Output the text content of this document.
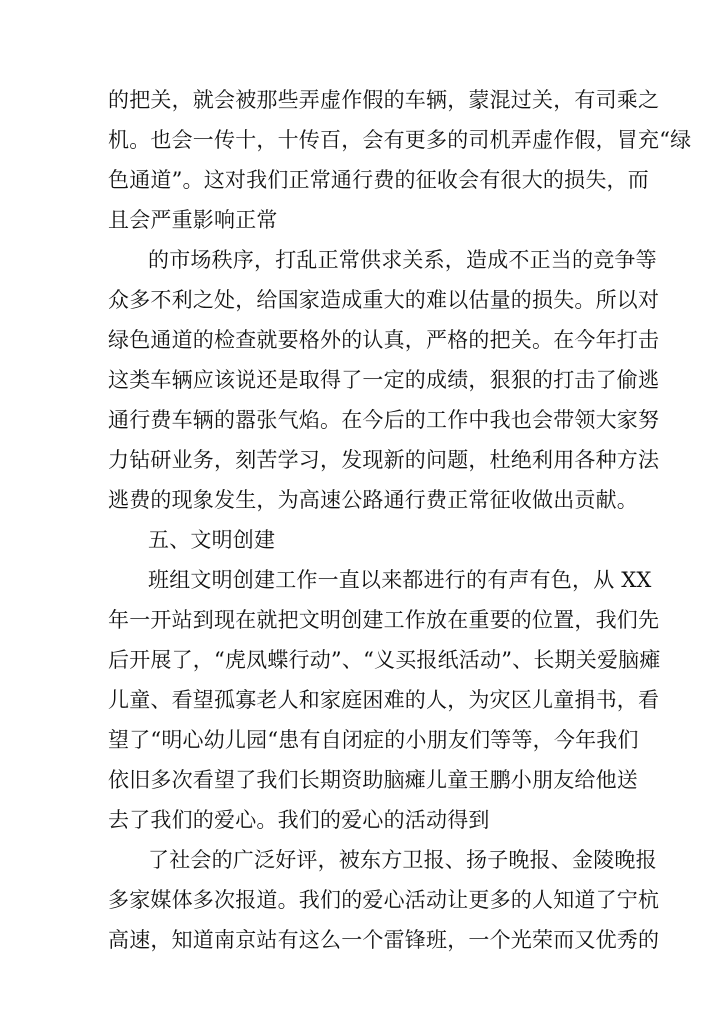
的把关，就会被那些弄虚作假的车辆，蒙混过关，有司乘之
机。也会一传十，十传百，会有更多的司机弄虚作假，冒充“绿
色通道”。这对我们正常通行费的征收会有很大的损失，而
且会严重影响正常
的市场秩序，打乱正常供求关系，造成不正当的竞争等
众多不利之处，给国家造成重大的难以估量的损失。所以对
绿色通道的检查就要格外的认真，严格的把关。在今年打击
这类车辆应该说还是取得了一定的成绩，狠狠的打击了偷逃
通行费车辆的嚣张气焰。在今后的工作中我也会带领大家努
力钻研业务，刻苦学习，发现新的问题，杜绝利用各种方法
逃费的现象发生，为高速公路通行费正常征收做出贡献。
五、文明创建
班组文明创建工作一直以来都进行的有声有色，从 XX
年一开站到现在就把文明创建工作放在重要的位置，我们先
后开展了，“虎凤蝶行动”、“义买报纸活动”、长期关爱脑瘫
儿童、看望孤寡老人和家庭困难的人，为灾区儿童捐书，看
望了“明心幼儿园“患有自闭症的小朋友们等等，今年我们
依旧多次看望了我们长期资助脑瘫儿童王鹏小朋友给他送
去了我们的爱心。我们的爱心的活动得到
了社会的广泛好评，被东方卫报、扬子晚报、金陵晚报
多家媒体多次报道。我们的爱心活动让更多的人知道了宁杭
高速，知道南京站有这么一个雷锋班，一个光荣而又优秀的
